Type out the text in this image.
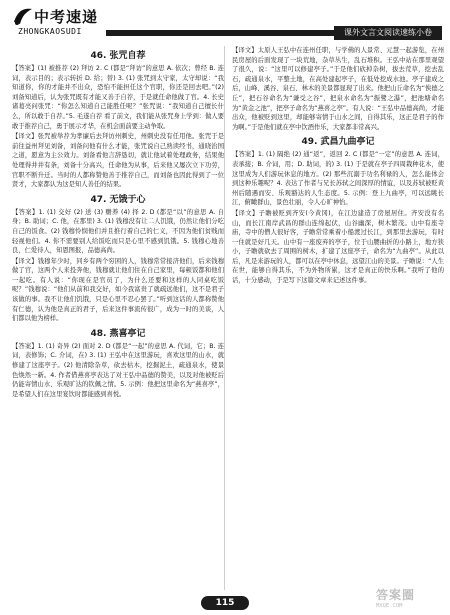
中考速递
ZHONGKAOSUDI	课外文言文阅读速练小卷
46. 张咒自荐

【答案】(1) 被推荐 (2) 拜访 2. C (都是“拜访”的意思 A. 依次；曾经 B. 连词，表示目的；表示转折 D. 给；替) 3. (1) 张咒到太守家，太守却说：“我知道你，你的才能并不出众，恐怕不能担任这个官职，你还是回去吧。”(2) 刘备知道后，认为张咒既有才能又善于自荐，于是就任命他做了官。4. 长史诸葛亮问张咒：“你怎么知道自己能胜任呢？”张咒说：“我知道自己擅长什么，所以敢于自荐。”5. 毛遂自荐 看了前文，我们能从张咒身上学到：做人要敢于推荐自己，勇于展示才华，在机会面前要主动争取。

【译文】张咒被举荐为孝廉后去拜访州刺史，州刺史没有任用他。张咒于是前往益州拜见刘备，刘备问他有什么才能，张咒说自己熟读经书，通晓治国之道，愿意为主公效力。刘备看他言辞恳切，就让他试着处理政务，结果他处理得井井有条，刘备十分高兴，任命他为从事，后来他又屡次立下功劳，官职不断升迁。当时的人都称赞他善于推荐自己，而刘备也因此得到了一位贤才，大家都认为这是知人善任的结果。

47. 无饿于心

【答案】1. (1) 交好 (2) 送 (3) 赡养 (4) 择 2. D (都是“以”的意思 A. 自身；B. 助词；C. 他，在那里) 3. (1) 钱穆没有让二人饥饿，仍然让他们分吃自己的饭食。(2) 钱穆怜悯他们并且推行着自己的仁义，不因为他们贫贱而轻视他们。4. 你不需要别人给饭吃而只是心里不感到饥饿。5. 钱穆心地善良，仁爱待人，知恩图报，品德高尚。

【译文】钱穆年少时，同乡有两个穷困的人，钱穆常常接济他们，后来钱穆做了官，这两个人来投奔他，钱穆就让他们住在自己家里，每顿饭都和他们一起吃。有人说：“你现在是官员了，为什么还要和这样的人同桌吃饭呢？”钱穆说：“他们从前和我交好，如今我富贵了就疏远他们，这不是君子该做的事。我不让他们饥饿，只是心里不忍心罢了。”听到这话的人都称赞他有仁德，认为他是真正的君子，后来这件事流传很广，成为一时的美谈，人们都以他为榜样。

48. 燕喜亭记

【答案】1. (1) 奇异 (2) 面对 2. D (都是“一起”的意思 A. 代词，它；B. 连词，表修饰；C. 介词，在) 3. (1) 王弘中在这里游玩，喜欢这里的山水，就修建了这座亭子。(2) 他清除杂草，砍去枯木，挖掘泥土，疏通泉水，使景色焕然一新。4. 作者借燕喜亭表达了对王弘中品德的赞美，以及对他被贬后仍能寄情山水、乐观旷达的钦佩之情。5. 示例：他把这里命名为“燕喜亭”，是希望人们在这里宴饮时都能感到喜悦。

【译文】太原人王弘中在连州任职，与学佛的人景常、元慧一起游览，在州民房屋的后面发现了一块荒地，杂草丛生，乱石堆积。王弘中站在那里观望了很久，说：“这里可以修建亭子。”于是他们砍掉杂树，拔去荒草，挖去乱石，疏通泉水，平整土地，在高处建起亭子，在低处挖成水池。亭子建成之后，山峰、溪谷、泉石、林木的美景都显现了出来。他把山丘命名为“俟德之丘”，把石谷命名为“谦受之谷”，把泉水命名为“振鹭之瀑”，把池塘命名为“黄金之池”，把亭子命名为“燕喜之亭”。有人说：“王弘中品德高尚，才能出众，他被贬到这里，却能够寄情于山水之间，自得其乐，这正是君子的作为啊。”于是他们就在亭中饮酒作乐，大家都非常高兴。

49. 武昌九曲亭记

【答案】1. (1) 隔绝 (2) 通“返”，返回 2. C (都是“一定”的意思 A. 连词，表承接；B. 介词，用；D. 助词，的) 3. (1) 于是就在亭子四周栽种花木，使这里成为人们游玩休息的地方。(2) 那些沉溺于功名利禄的人，怎么能体会到这种乐趣呢？4. 表达了作者与兄长苏轼之间深厚的情谊，以及苏轼被贬黄州后随遇而安、乐观豁达的人生态度。5. 示例：登上九曲亭，可以远眺长江，俯瞰群山，景色壮丽，令人心旷神怡。

【译文】子瞻被贬到齐安(今黄冈)，在江边建造了房屋居住。齐安没有名山，而长江南岸武昌的群山连绵起伏，山谷幽深，树木繁茂。山中有座寺庙，寺中的僧人很好客，子瞻常常乘着小船渡过长江，到那里去游玩，有时一住就是好几天。山中有一座废弃的亭子，位于山腰曲折的小路上，地方狭小，子瞻就砍去了周围的树木，扩建了这座亭子，命名为“九曲亭”。从此以后，凡是来游玩的人，都可以在亭中休息，远望江山的美景。子瞻说：“人生在世，能够自得其乐，不为外物所累，这才是真正的快乐啊。”我听了他的话，十分感动，于是写下这篇文章来记述这件事。

115
答案圈
MXQE.COM
